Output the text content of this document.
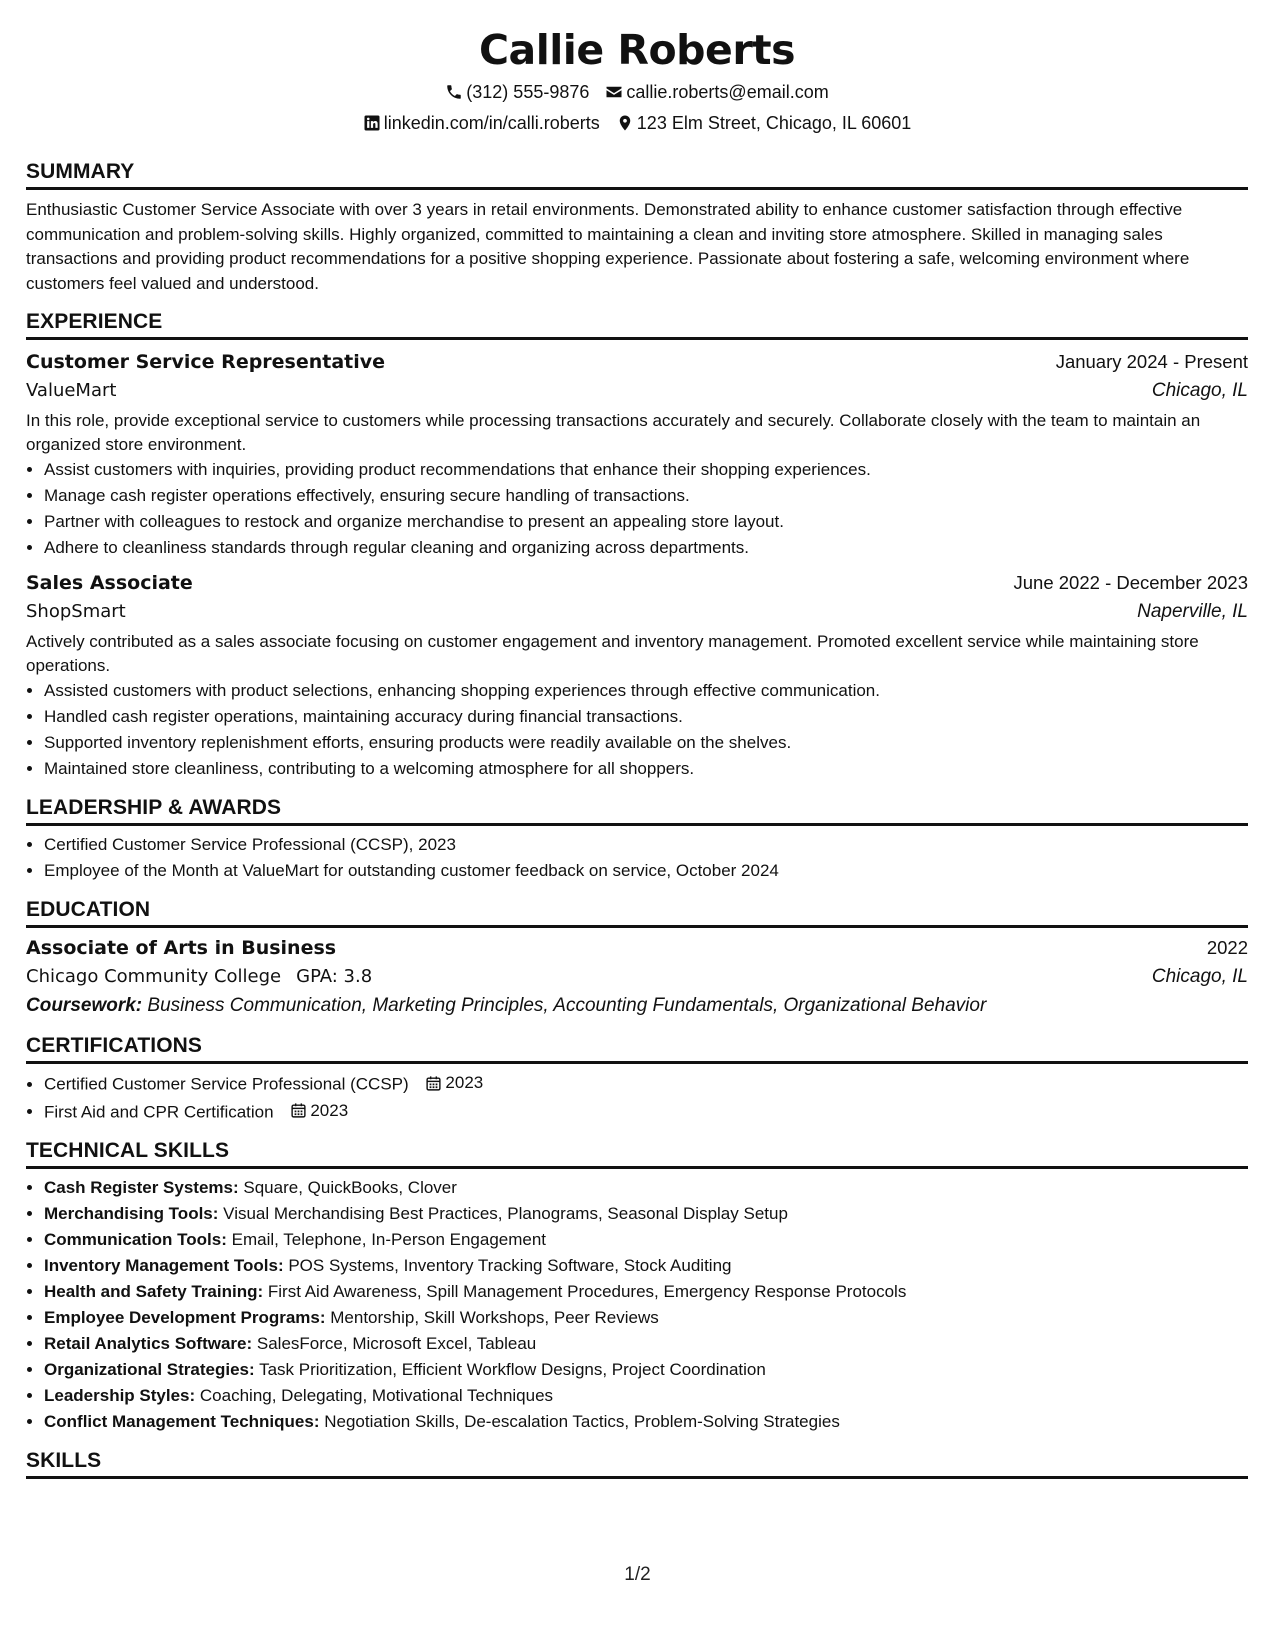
Callie Roberts
(312) 555-9876 callie.roberts@email.com
linkedin.com/in/calli.roberts 123 Elm Street, Chicago, IL 60601
SUMMARY
Enthusiastic Customer Service Associate with over 3 years in retail environments. Demonstrated ability to enhance customer satisfaction through effective communication and problem-solving skills. Highly organized, committed to maintaining a clean and inviting store atmosphere. Skilled in managing sales transactions and providing product recommendations for a positive shopping experience. Passionate about fostering a safe, welcoming environment where customers feel valued and understood.
EXPERIENCE
Customer Service Representative	January 2024 - Present
ValueMart	Chicago, IL
In this role, provide exceptional service to customers while processing transactions accurately and securely. Collaborate closely with the team to maintain an organized store environment.
• Assist customers with inquiries, providing product recommendations that enhance their shopping experiences.
• Manage cash register operations effectively, ensuring secure handling of transactions.
• Partner with colleagues to restock and organize merchandise to present an appealing store layout.
• Adhere to cleanliness standards through regular cleaning and organizing across departments.
Sales Associate	June 2022 - December 2023
ShopSmart	Naperville, IL
Actively contributed as a sales associate focusing on customer engagement and inventory management. Promoted excellent service while maintaining store operations.
• Assisted customers with product selections, enhancing shopping experiences through effective communication.
• Handled cash register operations, maintaining accuracy during financial transactions.
• Supported inventory replenishment efforts, ensuring products were readily available on the shelves.
• Maintained store cleanliness, contributing to a welcoming atmosphere for all shoppers.
LEADERSHIP & AWARDS
• Certified Customer Service Professional (CCSP), 2023
• Employee of the Month at ValueMart for outstanding customer feedback on service, October 2024
EDUCATION
Associate of Arts in Business	2022
Chicago Community College GPA: 3.8	Chicago, IL
Coursework: Business Communication, Marketing Principles, Accounting Fundamentals, Organizational Behavior
CERTIFICATIONS
• Certified Customer Service Professional (CCSP) 2023
• First Aid and CPR Certification 2023
TECHNICAL SKILLS
• Cash Register Systems: Square, QuickBooks, Clover
• Merchandising Tools: Visual Merchandising Best Practices, Planograms, Seasonal Display Setup
• Communication Tools: Email, Telephone, In-Person Engagement
• Inventory Management Tools: POS Systems, Inventory Tracking Software, Stock Auditing
• Health and Safety Training: First Aid Awareness, Spill Management Procedures, Emergency Response Protocols
• Employee Development Programs: Mentorship, Skill Workshops, Peer Reviews
• Retail Analytics Software: SalesForce, Microsoft Excel, Tableau
• Organizational Strategies: Task Prioritization, Efficient Workflow Designs, Project Coordination
• Leadership Styles: Coaching, Delegating, Motivational Techniques
• Conflict Management Techniques: Negotiation Skills, De-escalation Tactics, Problem-Solving Strategies
SKILLS
1/2
